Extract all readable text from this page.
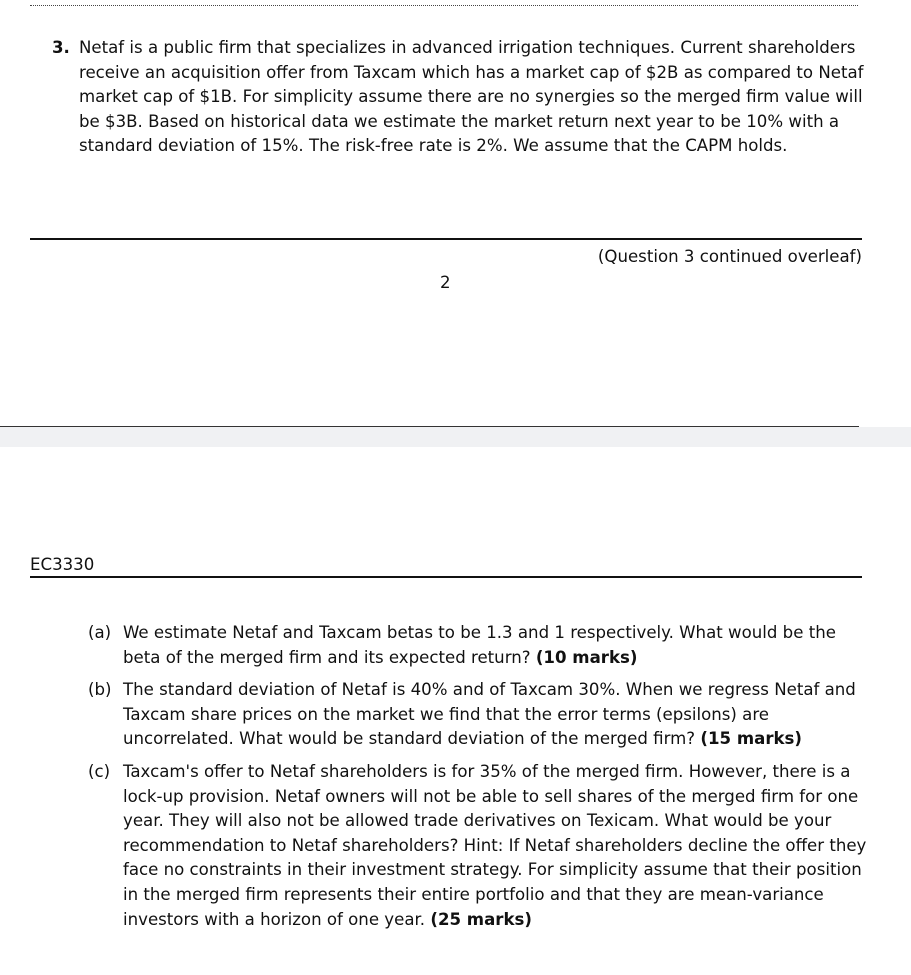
3. Netaf is a public firm that specializes in advanced irrigation techniques. Current shareholders receive an acquisition offer from Taxcam which has a market cap of $2B as compared to Netaf market cap of $1B. For simplicity assume there are no synergies so the merged firm value will be $3B. Based on historical data we estimate the market return next year to be 10% with a standard deviation of 15%. The risk-free rate is 2%. We assume that the CAPM holds.
(Question 3 continued overleaf)
2
EC3330
(a) We estimate Netaf and Taxcam betas to be 1.3 and 1 respectively. What would be the beta of the merged firm and its expected return? (10 marks)
(b) The standard deviation of Netaf is 40% and of Taxcam 30%. When we regress Netaf and Taxcam share prices on the market we find that the error terms (epsilons) are uncorrelated. What would be standard deviation of the merged firm? (15 marks)
(c) Taxcam's offer to Netaf shareholders is for 35% of the merged firm. However, there is a lock-up provision. Netaf owners will not be able to sell shares of the merged firm for one year. They will also not be allowed trade derivatives on Texicam. What would be your recommendation to Netaf shareholders? Hint: If Netaf shareholders decline the offer they face no constraints in their investment strategy. For simplicity assume that their position in the merged firm represents their entire portfolio and that they are mean-variance investors with a horizon of one year. (25 marks)
